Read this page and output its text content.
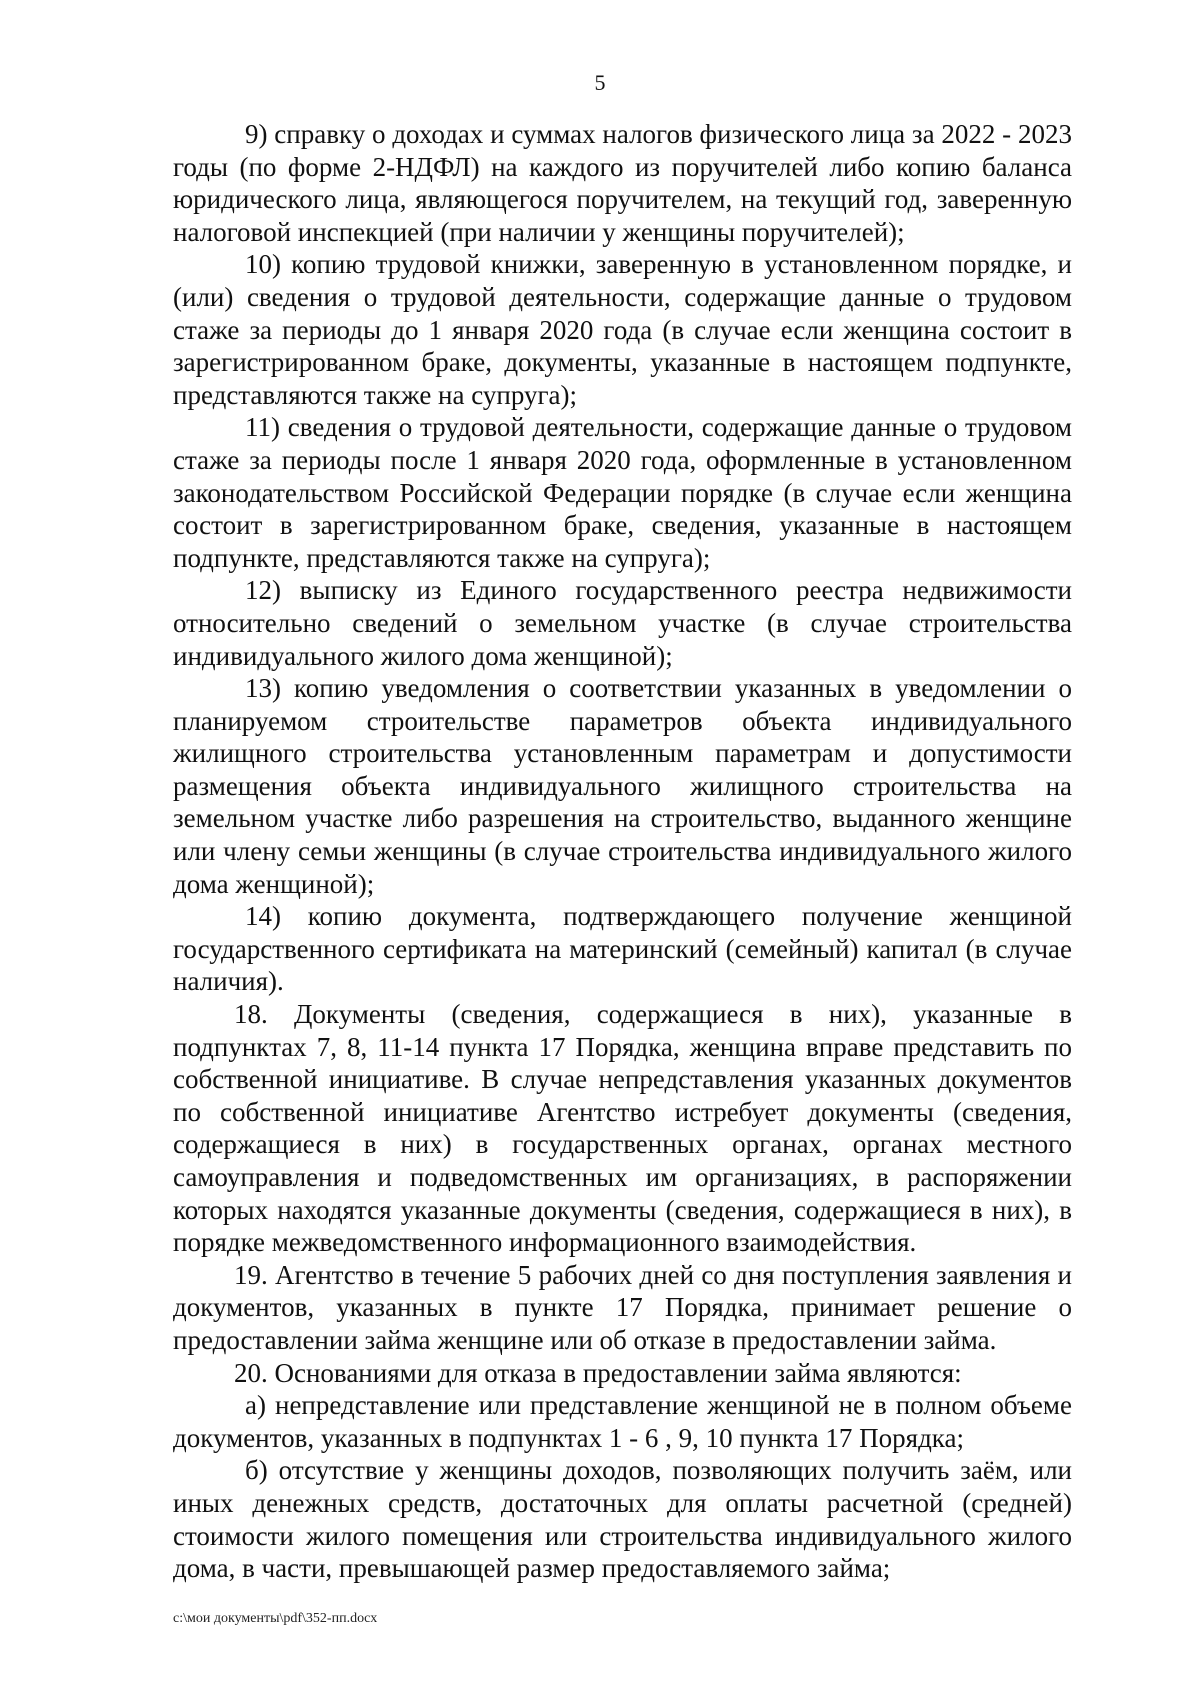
5

9) справку о доходах и суммах налогов физического лица за 2022 - 2023 годы (по форме 2-НДФЛ) на каждого из поручителей либо копию баланса юридического лица, являющегося поручителем, на текущий год, заверенную налоговой инспекцией (при наличии у женщины поручителей);

10) копию трудовой книжки, заверенную в установленном порядке, и (или) сведения о трудовой деятельности, содержащие данные о трудовом стаже за периоды до 1 января 2020 года (в случае если женщина состоит в зарегистрированном браке, документы, указанные в настоящем подпункте, представляются также на супруга);

11) сведения о трудовой деятельности, содержащие данные о трудовом стаже за периоды после 1 января 2020 года, оформленные в установленном законодательством Российской Федерации порядке (в случае если женщина состоит в зарегистрированном браке, сведения, указанные в настоящем подпункте, представляются также на супруга);

12) выписку из Единого государственного реестра недвижимости относительно сведений о земельном участке (в случае строительства индивидуального жилого дома женщиной);

13) копию уведомления о соответствии указанных в уведомлении о планируемом строительстве параметров объекта индивидуального жилищного строительства установленным параметрам и допустимости размещения объекта индивидуального жилищного строительства на земельном участке либо разрешения на строительство, выданного женщине или члену семьи женщины (в случае строительства индивидуального жилого дома женщиной);

14) копию документа, подтверждающего получение женщиной государственного сертификата на материнский (семейный) капитал (в случае наличия).

18. Документы (сведения, содержащиеся в них), указанные в подпунктах 7, 8, 11-14 пункта 17 Порядка, женщина вправе представить по собственной инициативе. В случае непредставления указанных документов по собственной инициативе Агентство истребует документы (сведения, содержащиеся в них) в государственных органах, органах местного самоуправления и подведомственных им организациях, в распоряжении которых находятся указанные документы (сведения, содержащиеся в них), в порядке межведомственного информационного взаимодействия.

19. Агентство в течение 5 рабочих дней со дня поступления заявления и документов, указанных в пункте 17 Порядка, принимает решение о предоставлении займа женщине или об отказе в предоставлении займа.

20. Основаниями для отказа в предоставлении займа являются:

а) непредставление или представление женщиной не в полном объеме документов, указанных в подпунктах 1 - 6 , 9, 10 пункта 17 Порядка;

б) отсутствие у женщины доходов, позволяющих получить заём, или иных денежных средств, достаточных для оплаты расчетной (средней) стоимости жилого помещения или строительства индивидуального жилого дома, в части, превышающей размер предоставляемого займа;

c:\мои документы\pdf\352-пп.docx
